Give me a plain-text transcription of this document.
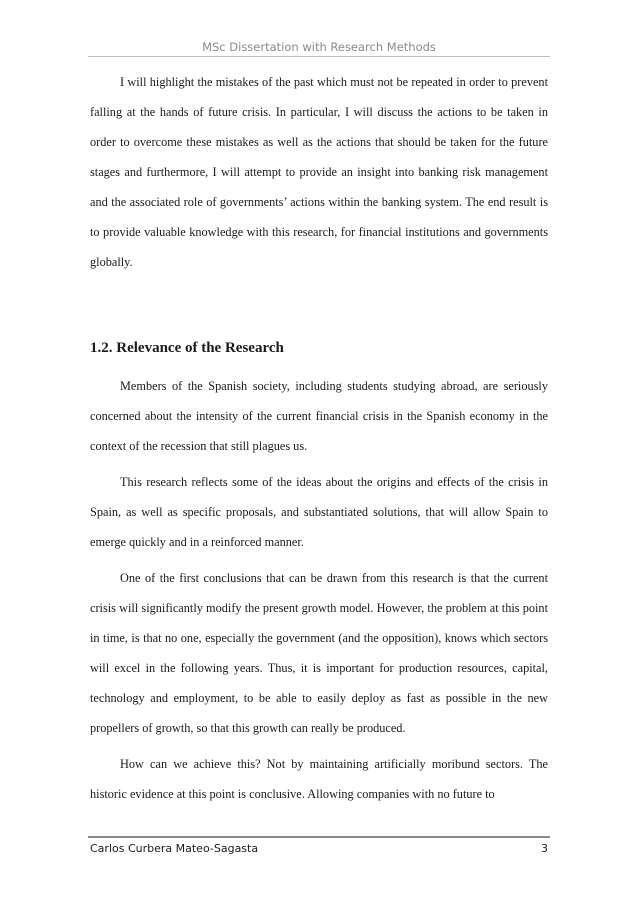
MSc Dissertation with Research Methods

I will highlight the mistakes of the past which must not be repeated in order to prevent falling at the hands of future crisis. In particular, I will discuss the actions to be taken in order to overcome these mistakes as well as the actions that should be taken for the future stages and furthermore, I will attempt to provide an insight into banking risk management and the associated role of governments’ actions within the banking system. The end result is to provide valuable knowledge with this research, for financial institutions and governments globally.

1.2. Relevance of the Research

Members of the Spanish society, including students studying abroad, are seriously concerned about the intensity of the current financial crisis in the Spanish economy in the context of the recession that still plagues us.

This research reflects some of the ideas about the origins and effects of the crisis in Spain, as well as specific proposals, and substantiated solutions, that will allow Spain to emerge quickly and in a reinforced manner.

One of the first conclusions that can be drawn from this research is that the current crisis will significantly modify the present growth model. However, the problem at this point in time, is that no one, especially the government (and the opposition), knows which sectors will excel in the following years. Thus, it is important for production resources, capital, technology and employment, to be able to easily deploy as fast as possible in the new propellers of growth, so that this growth can really be produced.

How can we achieve this? Not by maintaining artificially moribund sectors. The historic evidence at this point is conclusive. Allowing companies with no future to

Carlos Curbera Mateo-Sagasta	3
